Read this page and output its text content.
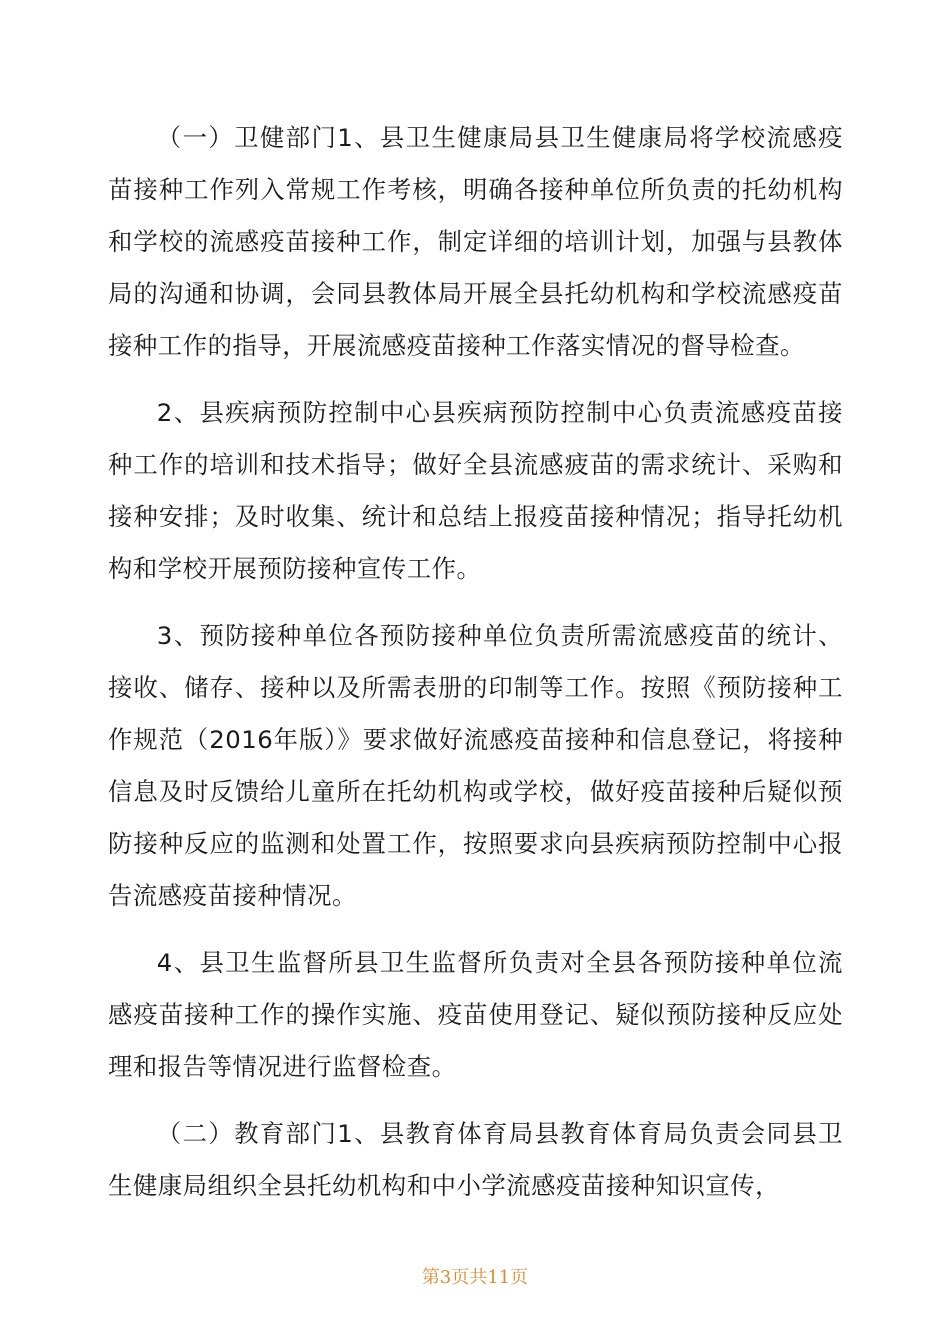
（一）卫健部门1、县卫生健康局县卫生健康局将学校流感疫苗接种工作列入常规工作考核，明确各接种单位所负责的托幼机构和学校的流感疫苗接种工作，制定详细的培训计划，加强与县教体局的沟通和协调，会同县教体局开展全县托幼机构和学校流感疫苗接种工作的指导，开展流感疫苗接种工作落实情况的督导检查。

2、县疾病预防控制中心县疾病预防控制中心负责流感疫苗接种工作的培训和技术指导；做好全县流感疲苗的需求统计、采购和接种安排；及时收集、统计和总结上报疫苗接种情况；指导托幼机构和学校开展预防接种宣传工作。

3、预防接种单位各预防接种单位负责所需流感疫苗的统计、接收、储存、接种以及所需表册的印制等工作。按照《预防接种工作规范（2016年版）》要求做好流感疫苗接种和信息登记，将接种信息及时反馈给儿童所在托幼机构或学校，做好疫苗接种后疑似预防接种反应的监测和处置工作，按照要求向县疾病预防控制中心报告流感疫苗接种情况。

4、县卫生监督所县卫生监督所负责对全县各预防接种单位流感疫苗接种工作的操作实施、疫苗使用登记、疑似预防接种反应处理和报告等情况进行监督检查。

（二）教育部门1、县教育体育局县教育体育局负责会同县卫生健康局组织全县托幼机构和中小学流感疫苗接种知识宣传，

第3页共11页
